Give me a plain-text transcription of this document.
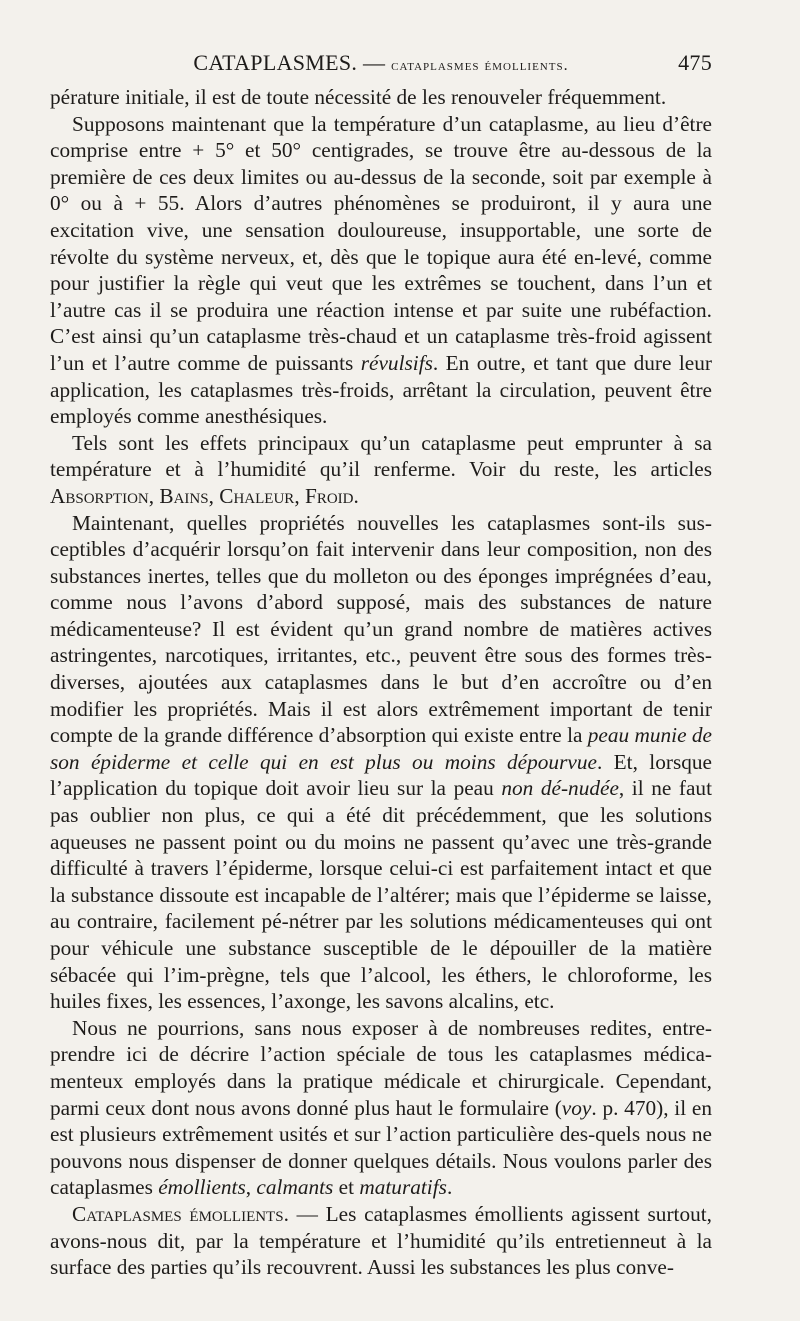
CATAPLASMES. — cataplasmes émollients.	475

pérature initiale, il est de toute nécessité de les renouveler fréquemment.

Supposons maintenant que la température d’un cataplasme, au lieu d’être comprise entre + 5° et 50° centigrades, se trouve être au-dessous de la première de ces deux limites ou au-dessus de la seconde, soit par exemple à 0° ou à + 55. Alors d’autres phénomènes se produiront, il y aura une excitation vive, une sensation douloureuse, insupportable, une sorte de révolte du système nerveux, et, dès que le topique aura été en-levé, comme pour justifier la règle qui veut que les extrêmes se touchent, dans l’un et l’autre cas il se produira une réaction intense et par suite une rubéfaction. C’est ainsi qu’un cataplasme très-chaud et un cataplasme très-froid agissent l’un et l’autre comme de puissants révulsifs. En outre, et tant que dure leur application, les cataplasmes très-froids, arrêtant la circulation, peuvent être employés comme anesthésiques.

Tels sont les effets principaux qu’un cataplasme peut emprunter à sa température et à l’humidité qu’il renferme. Voir du reste, les articles Absorption, Bains, Chaleur, Froid.

Maintenant, quelles propriétés nouvelles les cataplasmes sont-ils sus-ceptibles d’acquérir lorsqu’on fait intervenir dans leur composition, non des substances inertes, telles que du molleton ou des éponges imprégnées d’eau, comme nous l’avons d’abord supposé, mais des substances de nature médicamenteuse? Il est évident qu’un grand nombre de matières actives astringentes, narcotiques, irritantes, etc., peuvent être sous des formes très-diverses, ajoutées aux cataplasmes dans le but d’en accroître ou d’en modifier les propriétés. Mais il est alors extrêmement important de tenir compte de la grande différence d’absorption qui existe entre la peau munie de son épiderme et celle qui en est plus ou moins dépourvue. Et, lorsque l’application du topique doit avoir lieu sur la peau non dé-nudée, il ne faut pas oublier non plus, ce qui a été dit précédemment, que les solutions aqueuses ne passent point ou du moins ne passent qu’avec une très-grande difficulté à travers l’épiderme, lorsque celui-ci est parfaitement intact et que la substance dissoute est incapable de l’altérer; mais que l’épiderme se laisse, au contraire, facilement pé-nétrer par les solutions médicamenteuses qui ont pour véhicule une substance susceptible de le dépouiller de la matière sébacée qui l’im-prègne, tels que l’alcool, les éthers, le chloroforme, les huiles fixes, les essences, l’axonge, les savons alcalins, etc.

Nous ne pourrions, sans nous exposer à de nombreuses redites, entre-prendre ici de décrire l’action spéciale de tous les cataplasmes médica-menteux employés dans la pratique médicale et chirurgicale. Cependant, parmi ceux dont nous avons donné plus haut le formulaire (voy. p. 470), il en est plusieurs extrêmement usités et sur l’action particulière des-quels nous ne pouvons nous dispenser de donner quelques détails. Nous voulons parler des cataplasmes émollients, calmants et maturatifs.

Cataplasmes émollients. — Les cataplasmes émollients agissent surtout, avons-nous dit, par la température et l’humidité qu’ils entretienneut à la surface des parties qu’ils recouvrent. Aussi les substances les plus conve-
